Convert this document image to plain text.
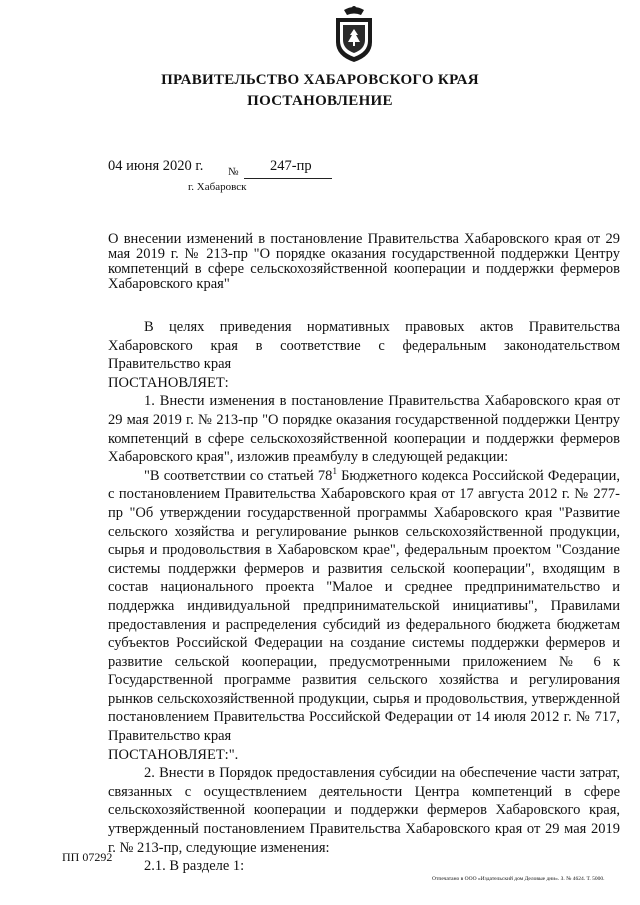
ПРАВИТЕЛЬСТВО ХАБАРОВСКОГО КРАЯ
ПОСТАНОВЛЕНИЕ
04 июня 2020 г. № 247-пр
г. Хабаровск
О внесении изменений в постановление Правительства Хабаровского края от 29 мая 2019 г. № 213-пр "О порядке оказания государственной поддержки Центру компетенций в сфере сельскохозяйственной кооперации и поддержки фермеров Хабаровского края"

В целях приведения нормативных правовых актов Правительства Хабаровского края в соответствие с федеральным законодательством Правительство края

ПОСТАНОВЛЯЕТ:

1. Внести изменения в постановление Правительства Хабаровского края от 29 мая 2019 г. № 213-пр "О порядке оказания государственной поддержки Центру компетенций в сфере сельскохозяйственной кооперации и поддержки фермеров Хабаровского края", изложив преамбулу в следующей редакции:

"В соответствии со статьей $78^1$ Бюджетного кодекса Российской Федерации, с постановлением Правительства Хабаровского края от 17 августа 2012 г. № 277-пр "Об утверждении государственной программы Хабаровского края "Развитие сельского хозяйства и регулирование рынков сельскохозяйственной продукции, сырья и продовольствия в Хабаровском крае", федеральным проектом "Создание системы поддержки фермеров и развития сельской кооперации", входящим в состав национального проекта "Малое и среднее предпринимательство и поддержка индивидуальной предпринимательской инициативы", Правилами предоставления и распределения субсидий из федерального бюджета бюджетам субъектов Российской Федерации на создание системы поддержки фермеров и развитие сельской кооперации, предусмотренными приложением № 6 к Государственной программе развития сельского хозяйства и регулирования рынков сельскохозяйственной продукции, сырья и продовольствия, утвержденной постановлением Правительства Российской Федерации от 14 июля 2012 г. № 717, Правительство края

ПОСТАНОВЛЯЕТ:".

2. Внести в Порядок предоставления субсидии на обеспечение части затрат, связанных с осуществлением деятельности Центра компетенций в сфере сельскохозяйственной кооперации и поддержки фермеров Хабаровского края, утвержденный постановлением Правительства Хабаровского края от 29 мая 2019 г. № 213-пр, следующие изменения:

2.1. В разделе 1:

ПП 07292
Отпечатано в ООО «Издательский дом Деловые дни». З. № 4624. Т. 5000.
